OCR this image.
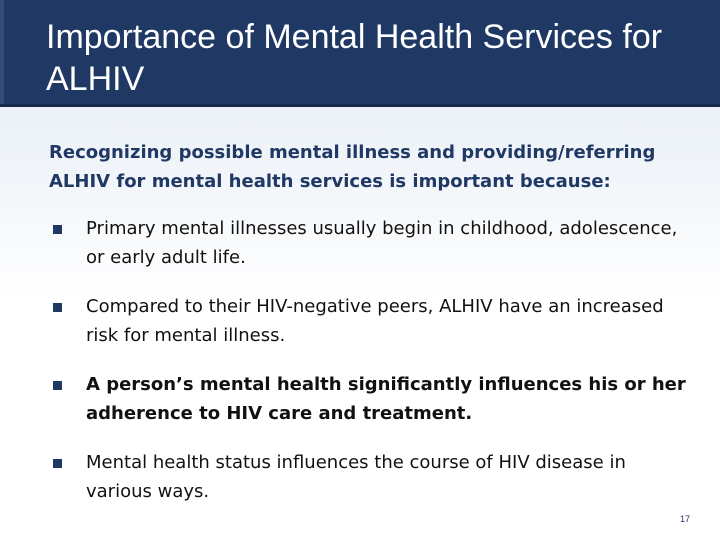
Importance of Mental Health Services for ALHIV

Recognizing possible mental illness and providing/referring ALHIV for mental health services is important because:

Primary mental illnesses usually begin in childhood, adolescence, or early adult life.
Compared to their HIV-negative peers, ALHIV have an increased risk for mental illness.
A person’s mental health significantly influences his or her adherence to HIV care and treatment.
Mental health status influences the course of HIV disease in various ways.
17
